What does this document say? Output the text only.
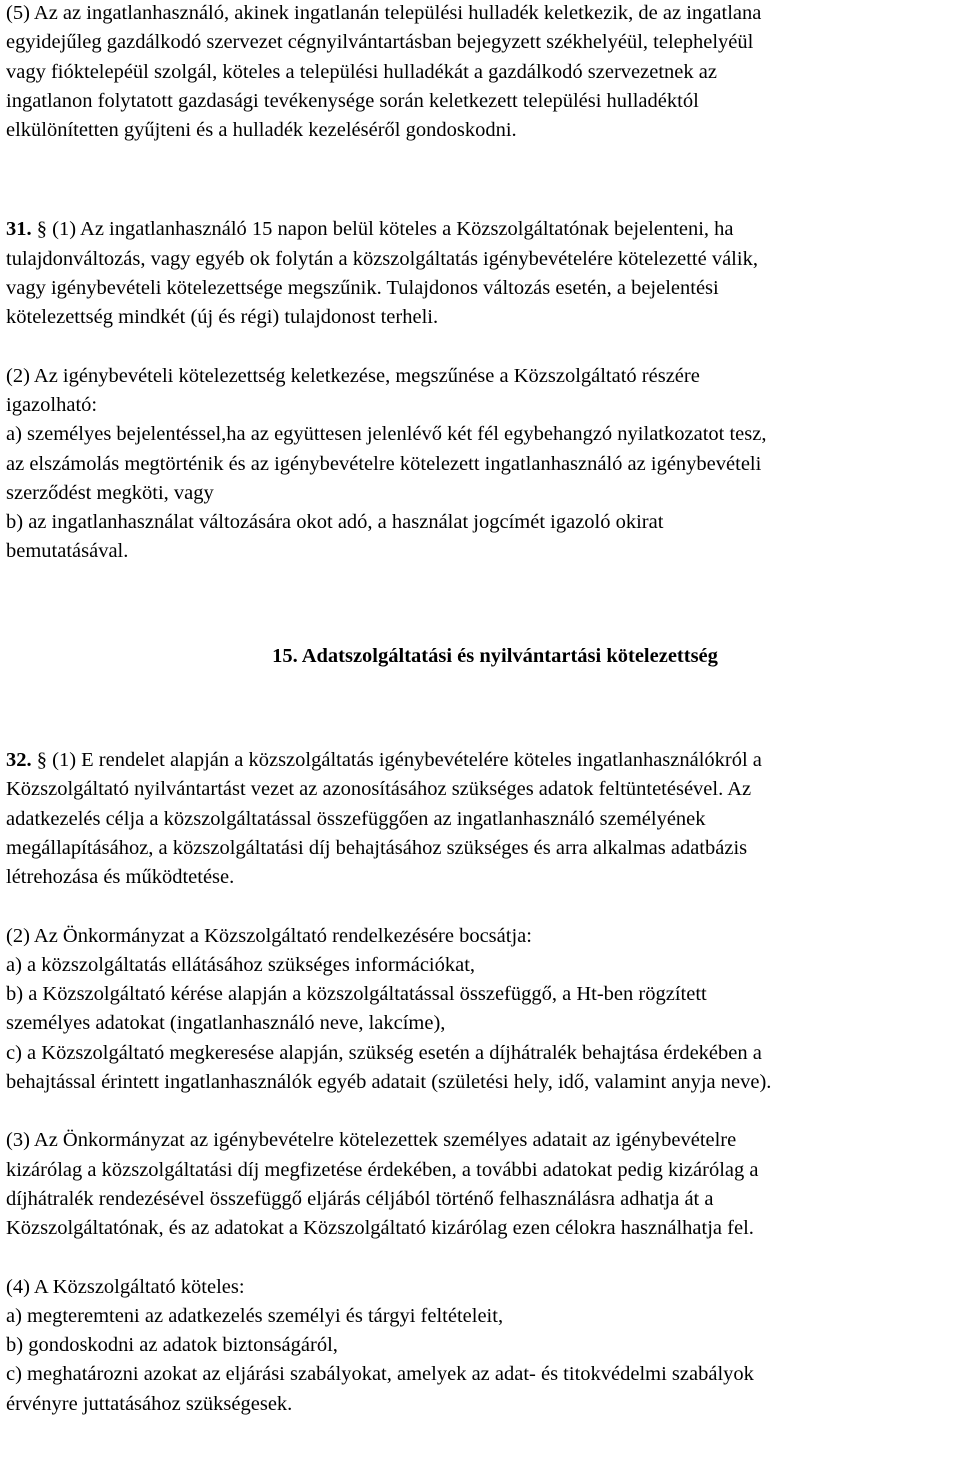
(5) Az az ingatlanhasználó, akinek ingatlanán települési hulladék keletkezik, de az ingatlana
egyidejűleg gazdálkodó szervezet cégnyilvántartásban bejegyzett székhelyéül, telephelyéül
vagy fióktelepéül szolgál, köteles a települési hulladékát a gazdálkodó szervezetnek az
ingatlanon folytatott gazdasági tevékenysége során keletkezett települési hulladéktól
elkülönítetten gyűjteni és a hulladék kezeléséről gondoskodni.

31. § (1) Az ingatlanhasználó 15 napon belül köteles a Közszolgáltatónak bejelenteni, ha
tulajdonváltozás, vagy egyéb ok folytán a közszolgáltatás igénybevételére kötelezetté válik,
vagy igénybevételi kötelezettsége megszűnik. Tulajdonos változás esetén, a bejelentési
kötelezettség mindkét (új és régi) tulajdonost terheli.

(2) Az igénybevételi kötelezettség keletkezése, megszűnése a Közszolgáltató részére
igazolható:
a) személyes bejelentéssel,ha az együttesen jelenlévő két fél egybehangzó nyilatkozatot tesz,
az elszámolás megtörténik és az igénybevételre kötelezett ingatlanhasználó az igénybevételi
szerződést megköti, vagy
b) az ingatlanhasználat változására okot adó, a használat jogcímét igazoló okirat
bemutatásával.

15. Adatszolgáltatási és nyilvántartási kötelezettség

32. § (1) E rendelet alapján a közszolgáltatás igénybevételére köteles ingatlanhasználókról a
Közszolgáltató nyilvántartást vezet az azonosításához szükséges adatok feltüntetésével. Az
adatkezelés célja a közszolgáltatással összefüggően az ingatlanhasználó személyének
megállapításához, a közszolgáltatási díj behajtásához szükséges és arra alkalmas adatbázis
létrehozása és működtetése.

(2) Az Önkormányzat a Közszolgáltató rendelkezésére bocsátja:
a) a közszolgáltatás ellátásához szükséges információkat,
b) a Közszolgáltató kérése alapján a közszolgáltatással összefüggő, a Ht-ben rögzített
személyes adatokat (ingatlanhasználó neve, lakcíme),
c) a Közszolgáltató megkeresése alapján, szükség esetén a díjhátralék behajtása érdekében a
behajtással érintett ingatlanhasználók egyéb adatait (születési hely, idő, valamint anyja neve).

(3) Az Önkormányzat az igénybevételre kötelezettek személyes adatait az igénybevételre
kizárólag a közszolgáltatási díj megfizetése érdekében, a további adatokat pedig kizárólag a
díjhátralék rendezésével összefüggő eljárás céljából történő felhasználásra adhatja át a
Közszolgáltatónak, és az adatokat a Közszolgáltató kizárólag ezen célokra használhatja fel.

(4) A Közszolgáltató köteles:
a) megteremteni az adatkezelés személyi és tárgyi feltételeit,
b) gondoskodni az adatok biztonságáról,
c) meghatározni azokat az eljárási szabályokat, amelyek az adat- és titokvédelmi szabályok
érvényre juttatásához szükségesek.
